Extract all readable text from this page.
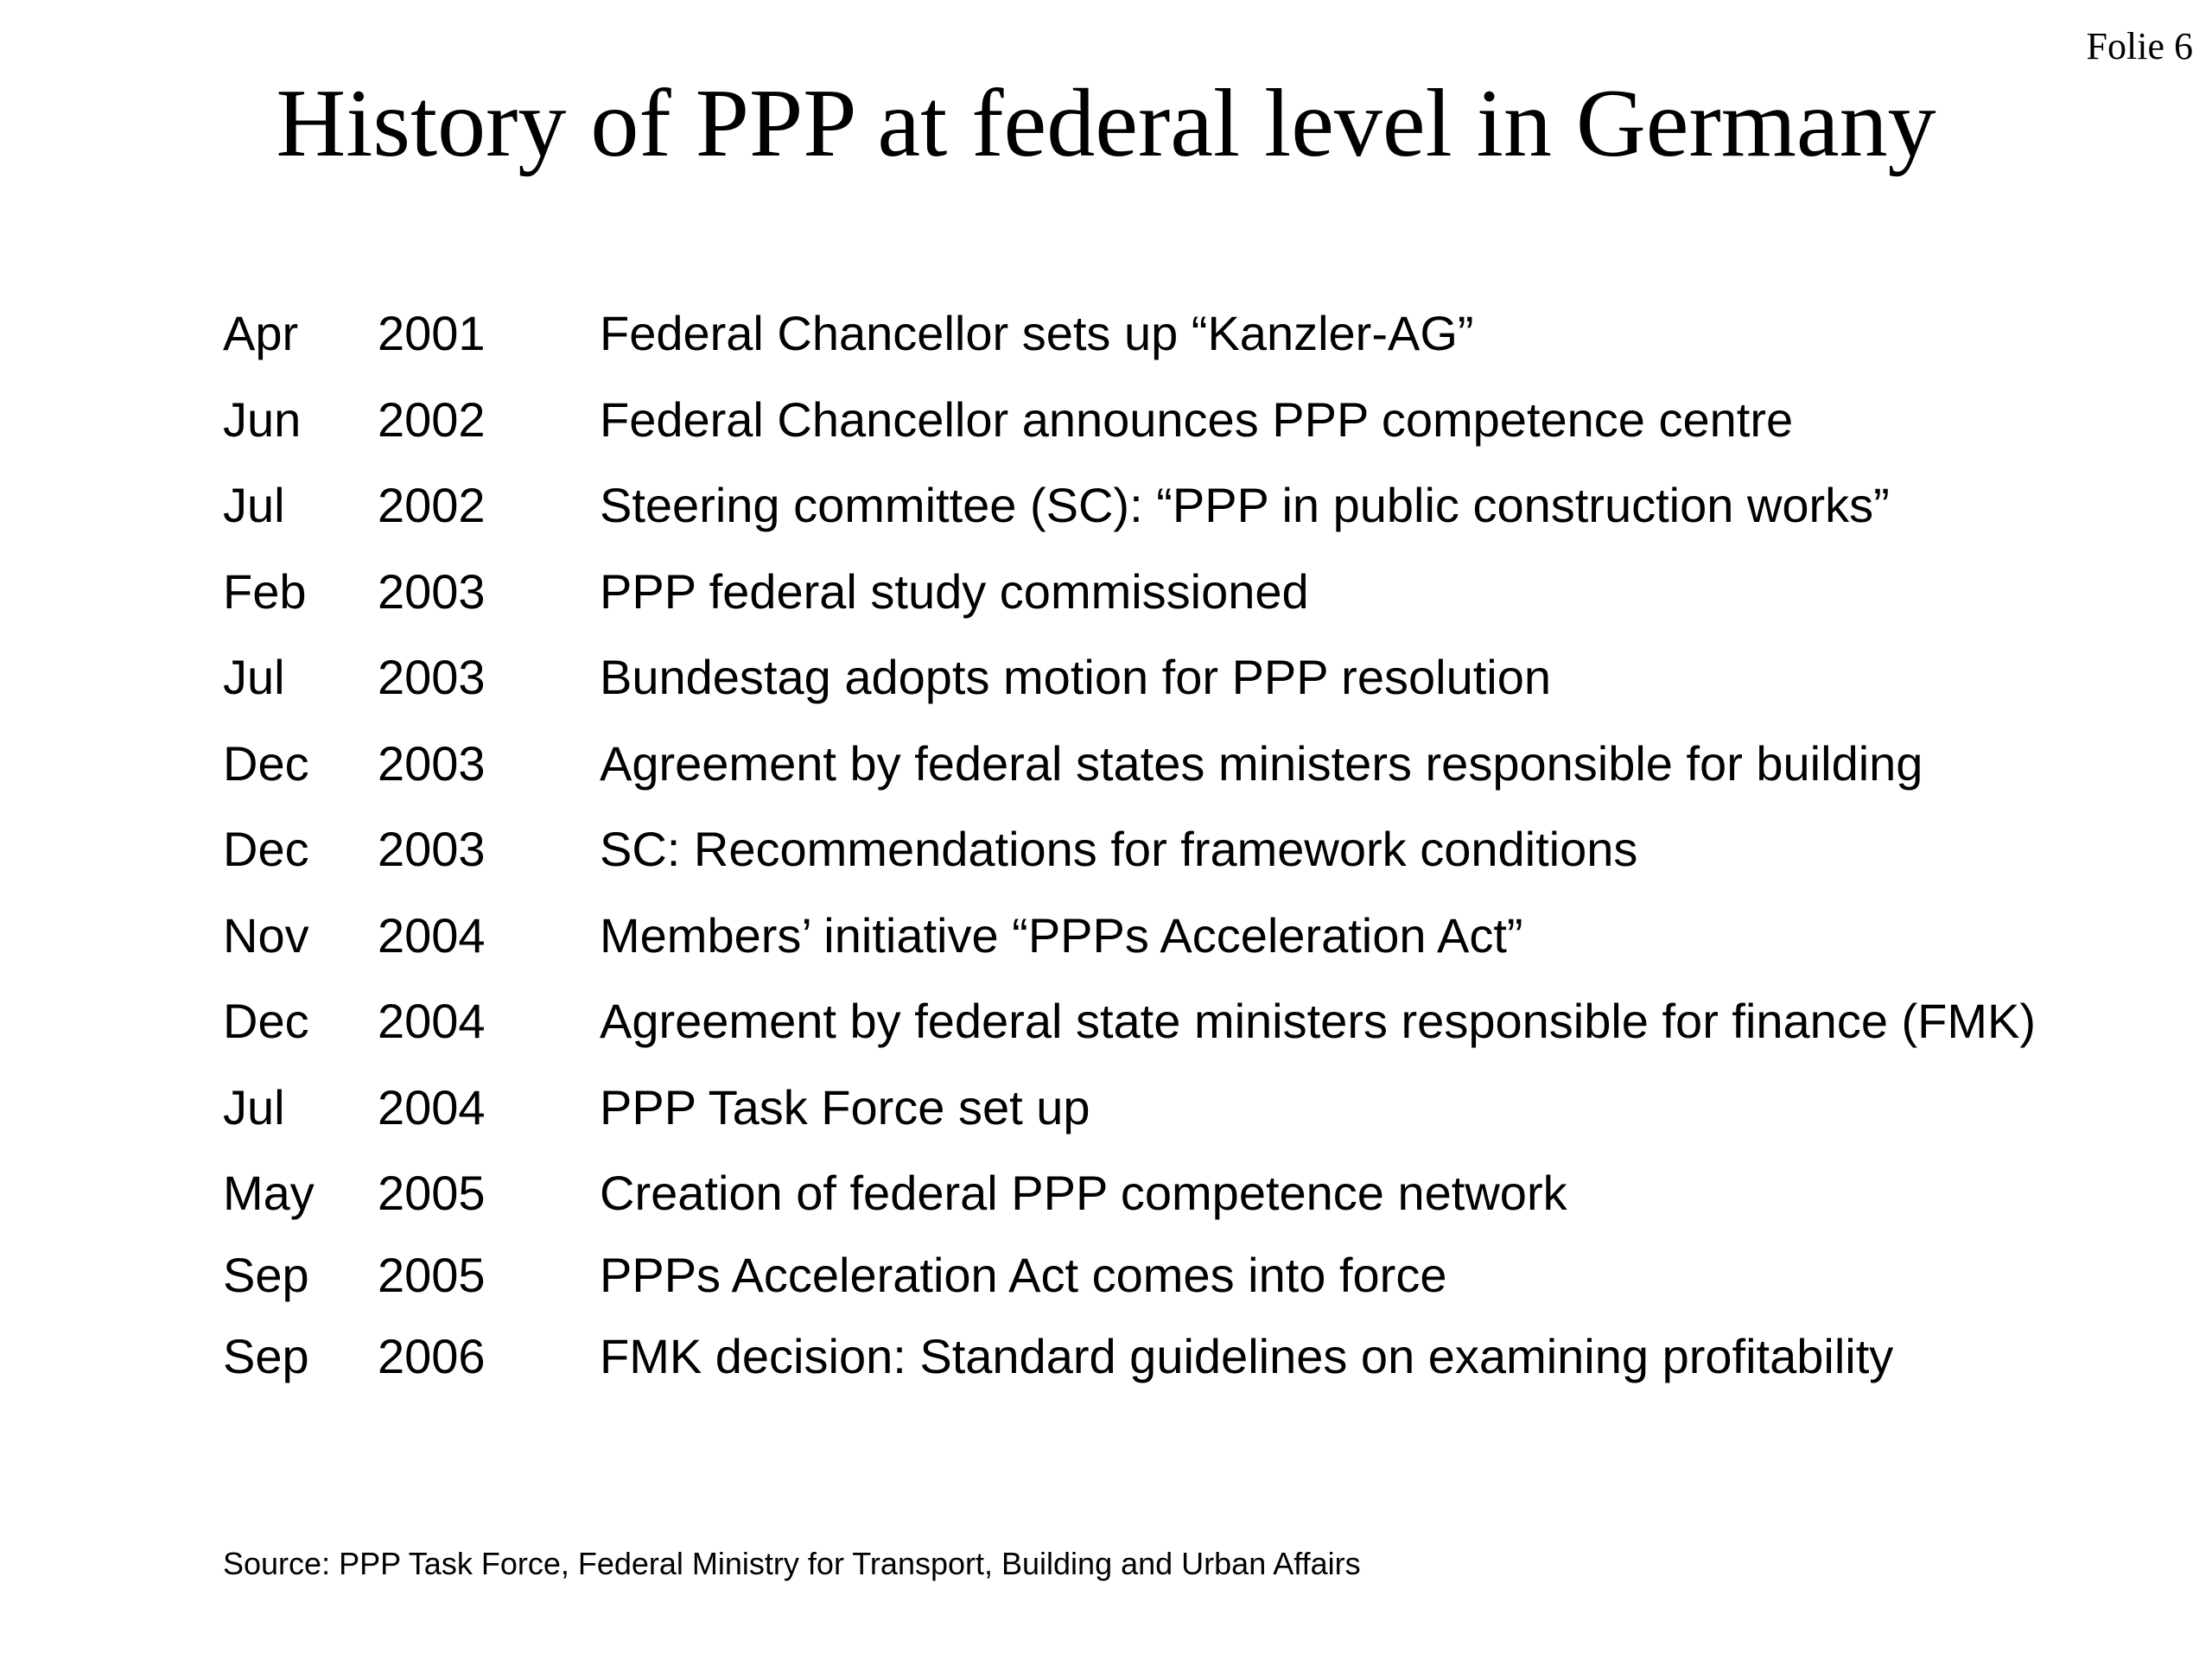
Folie 6
History of PPP at federal level in Germany
Apr	2001	Federal Chancellor sets up “Kanzler-AG”
Jun	2002	Federal Chancellor announces PPP competence centre
Jul	2002	Steering committee (SC): “PPP in public construction works”
Feb	2003	PPP federal study commissioned
Jul	2003	Bundestag adopts motion for PPP resolution
Dec	2003	Agreement by federal states ministers responsible for building
Dec	2003	SC: Recommendations for framework conditions
Nov	2004	Members’ initiative “PPPs Acceleration Act”
Dec	2004	Agreement by federal state ministers responsible for finance (FMK)
Jul	2004	PPP Task Force set up
May	2005	Creation of federal PPP competence network
Sep	2005	PPPs Acceleration Act comes into force
Sep	2006	FMK decision: Standard guidelines on examining profitability
Source: PPP Task Force, Federal Ministry for Transport, Building and Urban Affairs
